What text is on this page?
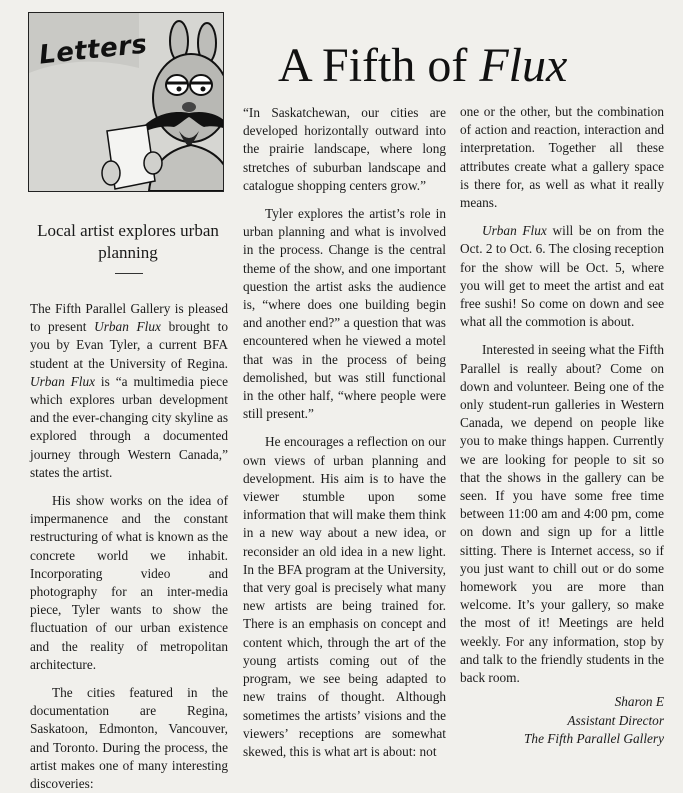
Letters	A Fifth of Flux
Local artist explores urban planning

The Fifth Parallel Gallery is pleased to present Urban Flux brought to you by Evan Tyler, a current BFA student at the University of Regina. Urban Flux is “a multimedia piece which explores urban development and the ever-changing city skyline as explored through a documented journey through Western Canada,” states the artist.

His show works on the idea of impermanence and the constant restructuring of what is known as the concrete world we inhabit. Incorporating video and photography for an inter-media piece, Tyler wants to show the fluctuation of our urban existence and the reality of metropolitan architecture.

The cities featured in the documentation are Regina, Saskatoon, Edmonton, Vancouver, and Toronto. During the process, the artist makes one of many interesting discoveries:

“In Saskatchewan, our cities are developed horizontally outward into the prairie landscape, where long stretches of suburban landscape and catalogue shopping centers grow.”

Tyler explores the artist’s role in urban planning and what is involved in the process. Change is the central theme of the show, and one important question the artist asks the audience is, “where does one building begin and another end?” a question that was encountered when he viewed a motel that was in the process of being demolished, but was still functional in the other half, “where people were still present.”

He encourages a reflection on our own views of urban planning and development. His aim is to have the viewer stumble upon some information that will make them think in a new way about a new idea, or reconsider an old idea in a new light. In the BFA program at the University, that very goal is precisely what many new artists are being trained for. There is an emphasis on concept and content which, through the art of the young artists coming out of the program, we see being adapted to new trains of thought. Although sometimes the artists’ visions and the viewers’ receptions are somewhat skewed, this is what art is about: not

one or the other, but the combination of action and reaction, interaction and interpretation. Together all these attributes create what a gallery space is there for, as well as what it really means.

Urban Flux will be on from the Oct. 2 to Oct. 6. The closing reception for the show will be Oct. 5, where you will get to meet the artist and eat free sushi! So come on down and see what all the commotion is about.

Interested in seeing what the Fifth Parallel is really about? Come on down and volunteer. Being one of the only student-run galleries in Western Canada, we depend on people like you to make things happen. Currently we are looking for people to sit so that the shows in the gallery can be seen. If you have some free time between 11:00 am and 4:00 pm, come on down and sign up for a little sitting. There is Internet access, so if you just want to chill out or do some homework you are more than welcome. It’s your gallery, so make the most of it! Meetings are held weekly. For any information, stop by and talk to the friendly students in the back room.

Sharon E
Assistant Director
The Fifth Parallel Gallery
